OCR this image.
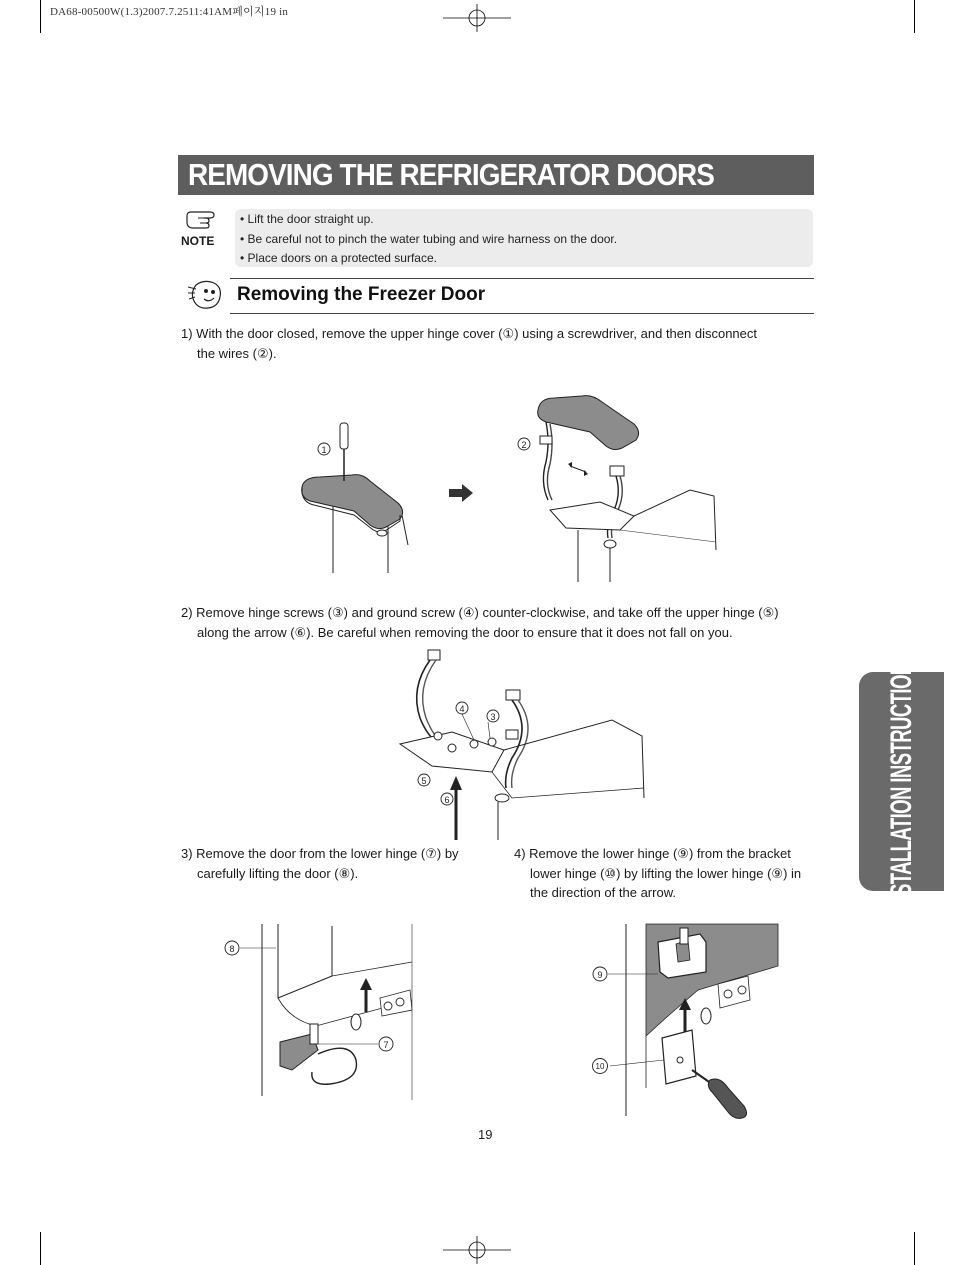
DA68-00500W(1.3)2007.7.2511:41AM페이지19 in
REMOVING THE REFRIGERATOR DOORS
NOTE
• Lift the door straight up.
• Be careful not to pinch the water tubing and wire harness on the door.
• Place doors on a protected surface.
Removing the Freezer Door
1) With the door closed, remove the upper hinge cover (①) using a screwdriver, and then disconnect
the wires (②).
1	2
2) Remove hinge screws (③) and ground screw (④) counter-clockwise, and take off the upper hinge (⑤)
along the arrow (⑥). Be careful when removing the door to ensure that it does not fall on you.
4
3
5
6
3) Remove the door from the lower hinge (⑦) by
carefully lifting the door (⑧).
4) Remove the lower hinge (⑨) from the bracket
lower hinge (⑩) by lifting the lower hinge (⑨) in
the direction of the arrow.
8
7
9
10
INSTALLATION INSTRUCTIONS
19
